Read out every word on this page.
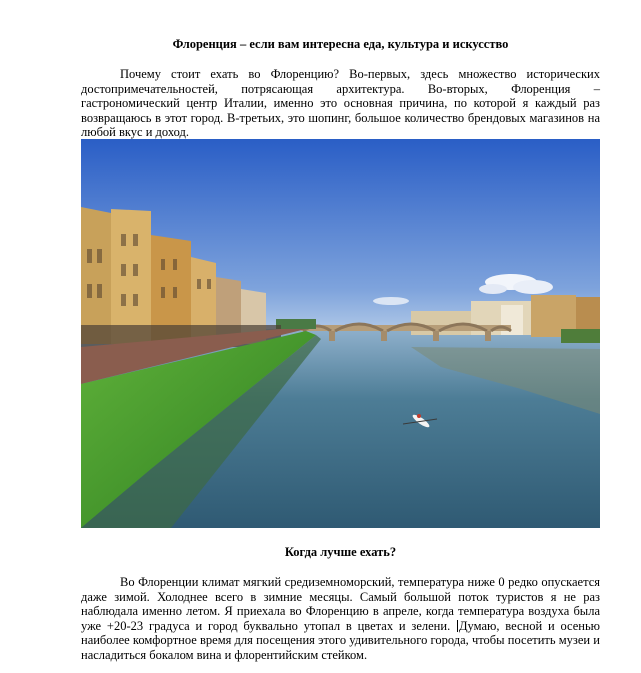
Флоренция – если вам интересна еда, культура и искусство

Почему стоит ехать во Флоренцию? Во-первых, здесь множество исторических достопримечательностей, потрясающая архитектура. Во-вторых, Флоренция – гастрономический центр Италии, именно это основная причина, по которой я каждый раз возвращаюсь в этот город. В-третьих, это шопинг, большое количество брендовых магазинов на любой вкус и доход.

Когда лучше ехать?

Во Флоренции климат мягкий средиземноморский, температура ниже 0 редко опускается даже зимой. Холоднее всего в зимние месяцы. Самый большой поток туристов я не раз наблюдала именно летом. Я приехала во Флоренцию в апреле, когда температура воздуха была уже +20-23 градуса и город буквально утопал в цветах и зелени. Думаю, весной и осенью наиболее комфортное время для посещения этого удивительного города, чтобы посетить музеи и насладиться бокалом вина и флорентийским стейком.
